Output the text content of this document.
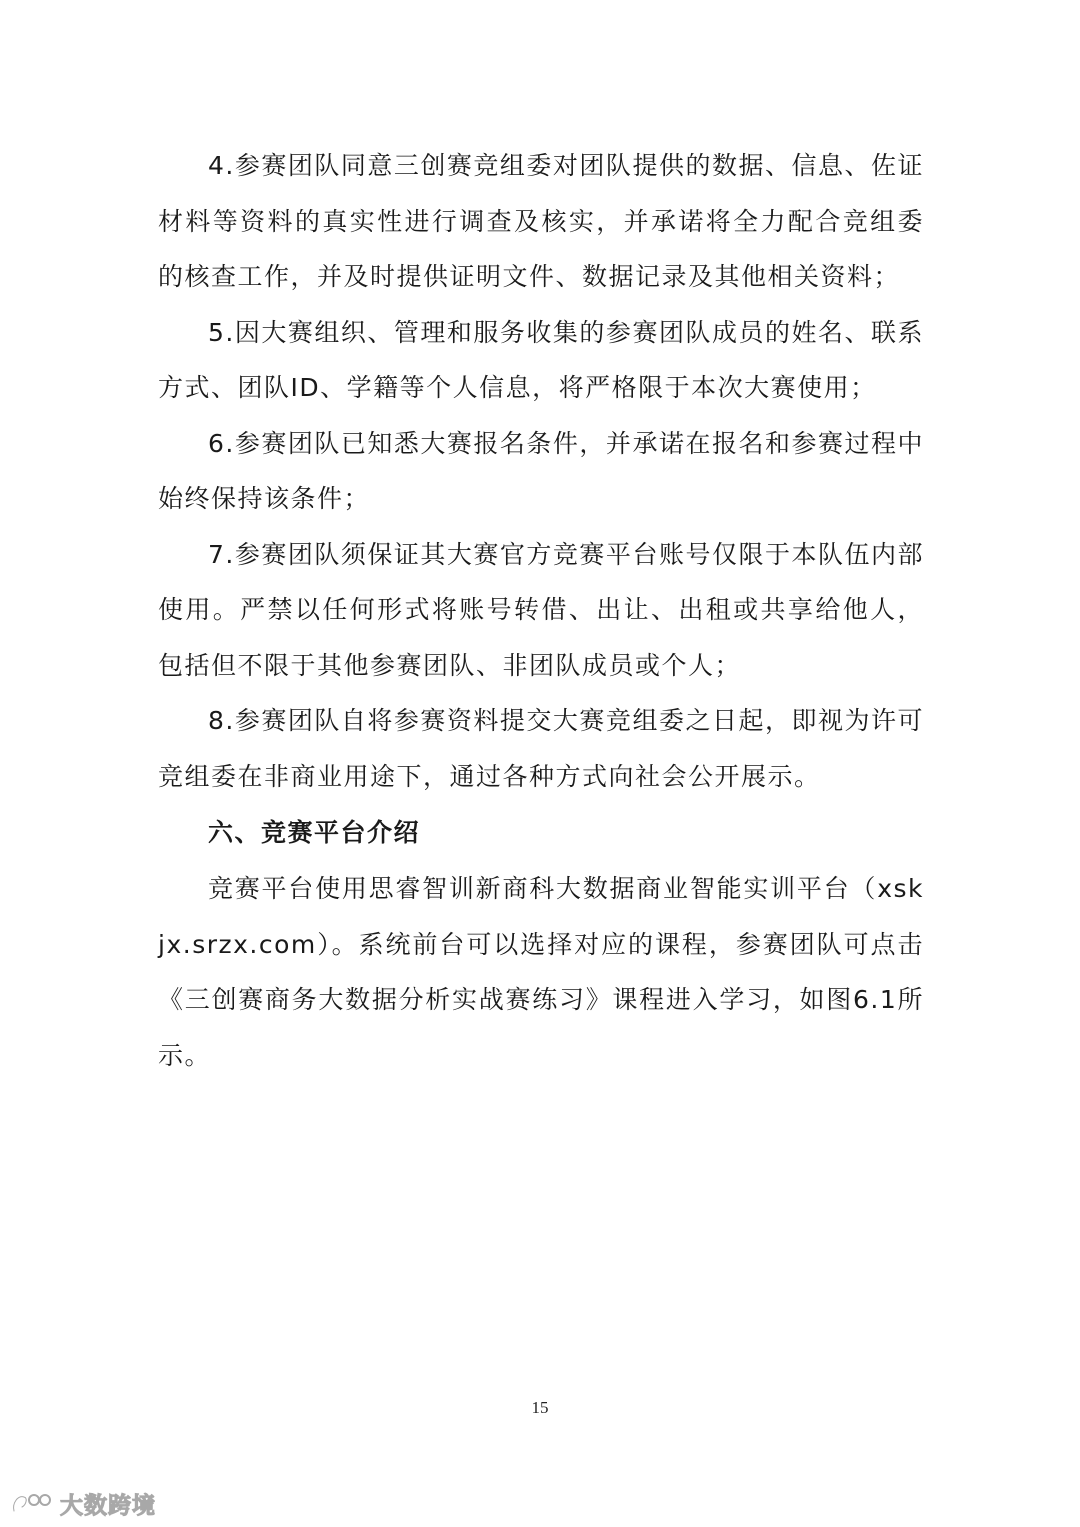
4.参赛团队同意三创赛竞组委对团队提供的数据、信息、佐证材料等资料的真实性进行调查及核实，并承诺将全力配合竞组委的核查工作，并及时提供证明文件、数据记录及其他相关资料；

5.因大赛组织、管理和服务收集的参赛团队成员的姓名、联系方式、团队ID、学籍等个人信息，将严格限于本次大赛使用；

6.参赛团队已知悉大赛报名条件，并承诺在报名和参赛过程中始终保持该条件；

7.参赛团队须保证其大赛官方竞赛平台账号仅限于本队伍内部使用。严禁以任何形式将账号转借、出让、出租或共享给他人，包括但不限于其他参赛团队、非团队成员或个人；

8.参赛团队自将参赛资料提交大赛竞组委之日起，即视为许可竞组委在非商业用途下，通过各种方式向社会公开展示。

六、竞赛平台介绍

竞赛平台使用思睿智训新商科大数据商业智能实训平台（xskjx.srzx.com）。系统前台可以选择对应的课程，参赛团队可点击《三创赛商务大数据分析实战赛练习》课程进入学习，如图6.1所示。

15
大数跨境
